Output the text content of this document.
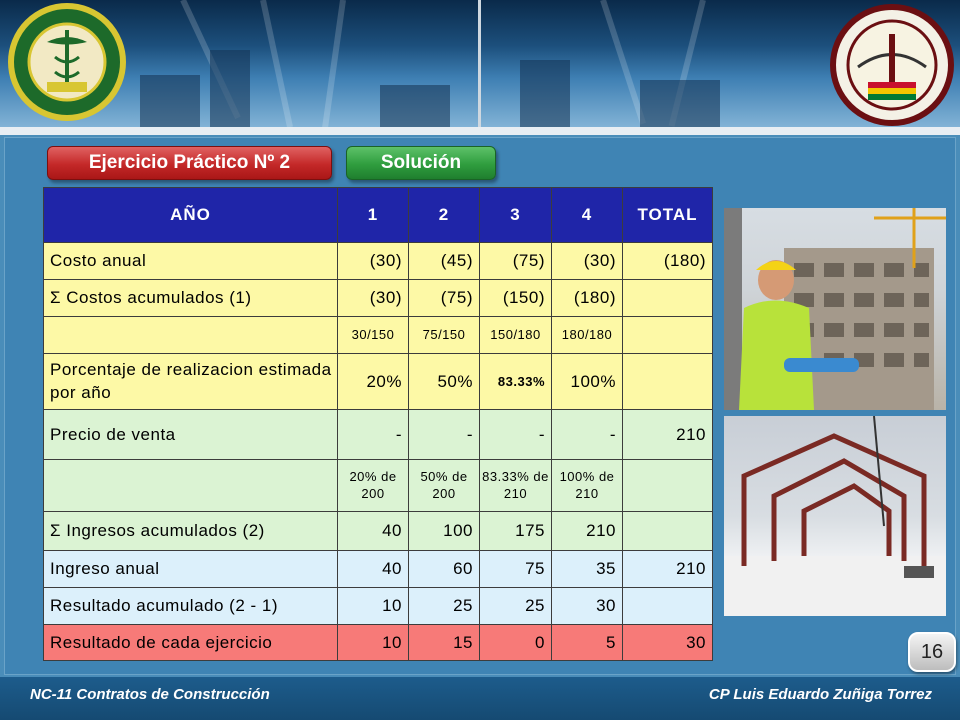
Ejercicio Práctico Nº 2	Solución
AÑO	1	2	3	4	TOTAL
Costo anual	(30)	(45)	(75)	(30)	(180)
Σ Costos acumulados (1)	(30)	(75)	(150)	(180)	
	30/150	75/150	150/180	180/180	
Porcentaje de realizacion estimada por año	20%	50%	83.33%	100%	
Precio de venta	-	-	-	-	210
	20% de 200	50% de 200	83.33% de 210	100% de 210	
Σ Ingresos acumulados (2)	40	100	175	210	
Ingreso anual	40	60	75	35	210
Resultado acumulado (2 - 1)	10	25	25	30	
Resultado de cada ejercicio	10	15	0	5	30	16
NC-11 Contratos de Construcción	CP Luis Eduardo Zuñiga Torrez
